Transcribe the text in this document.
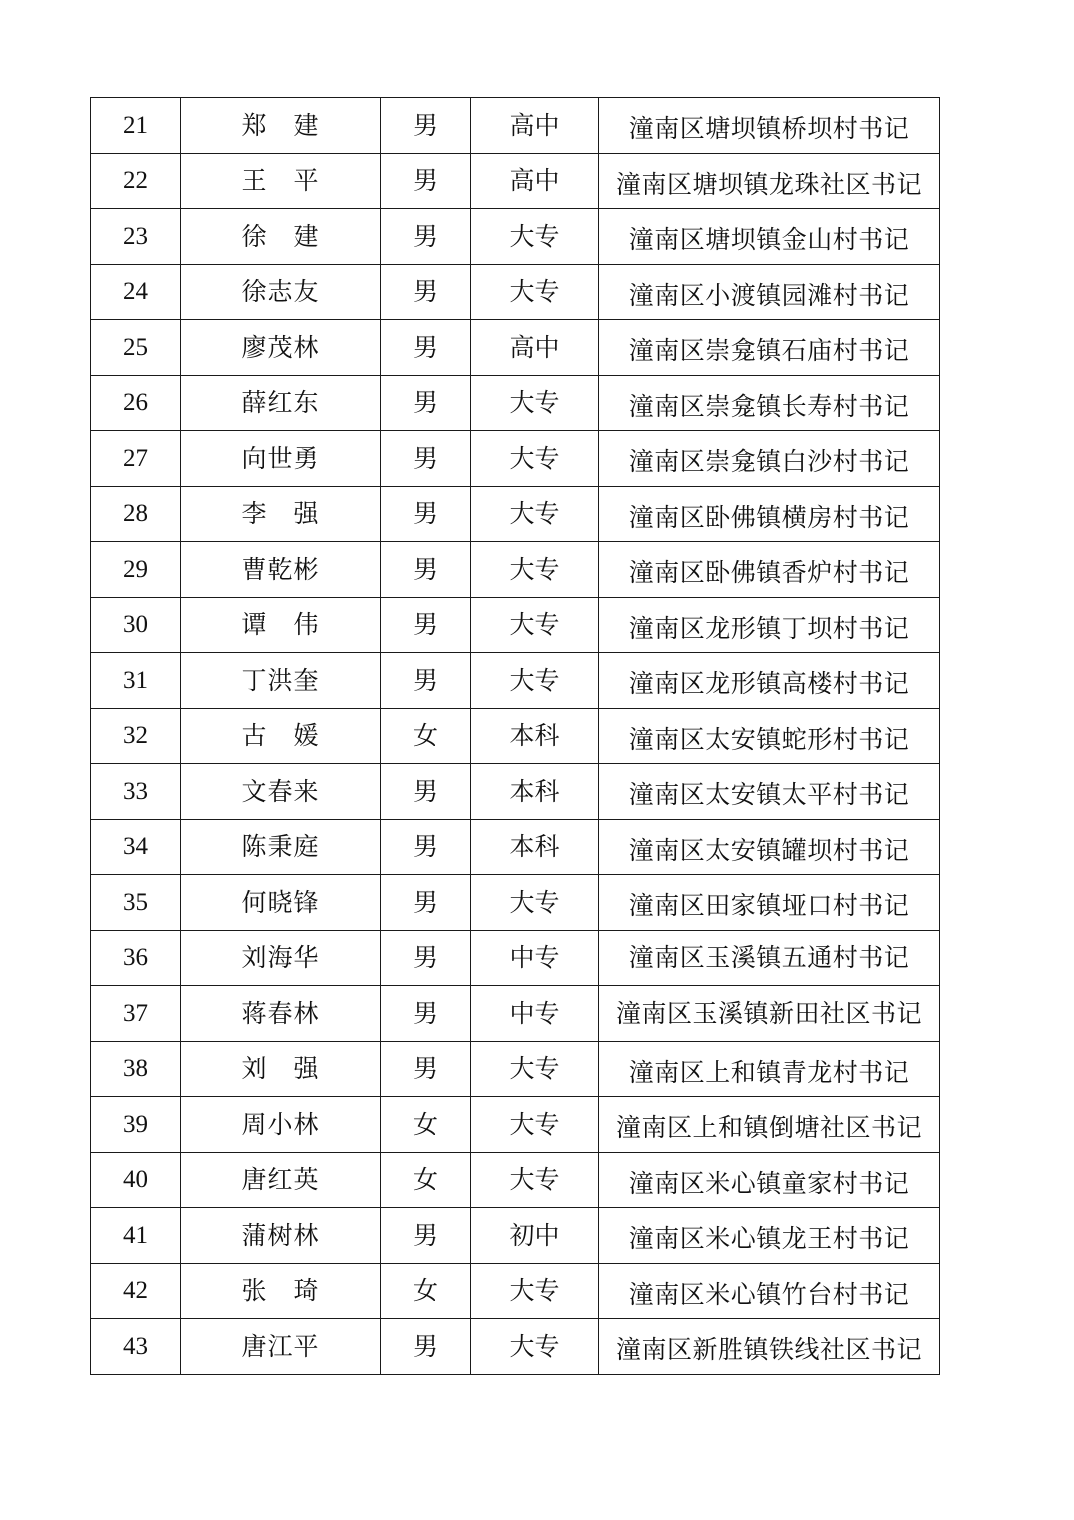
21	郑　建	男	高中	潼南区塘坝镇桥坝村书记

22	王　平	男	高中	潼南区塘坝镇龙珠社区书记

23	徐　建	男	大专	潼南区塘坝镇金山村书记

24	徐志友	男	大专	潼南区小渡镇园滩村书记

25	廖茂林	男	高中	潼南区崇龛镇石庙村书记

26	薛红东	男	大专	潼南区崇龛镇长寿村书记

27	向世勇	男	大专	潼南区崇龛镇白沙村书记

28	李　强	男	大专	潼南区卧佛镇横房村书记

29	曹乾彬	男	大专	潼南区卧佛镇香炉村书记

30	谭　伟	男	大专	潼南区龙形镇丁坝村书记

31	丁洪奎	男	大专	潼南区龙形镇高楼村书记

32	古　媛	女	本科	潼南区太安镇蛇形村书记

33	文春来	男	本科	潼南区太安镇太平村书记

34	陈秉庭	男	本科	潼南区太安镇罐坝村书记

35	何晓锋	男	大专	潼南区田家镇垭口村书记

36	刘海华	男	中专	潼南区玉溪镇五通村书记

37	蒋春林	男	中专	潼南区玉溪镇新田社区书记

38	刘　强	男	大专	潼南区上和镇青龙村书记

39	周小林	女	大专	潼南区上和镇倒塘社区书记

40	唐红英	女	大专	潼南区米心镇童家村书记

41	蒲树林	男	初中	潼南区米心镇龙王村书记

42	张　琦	女	大专	潼南区米心镇竹台村书记

43	唐江平	男	大专	潼南区新胜镇铁线社区书记
